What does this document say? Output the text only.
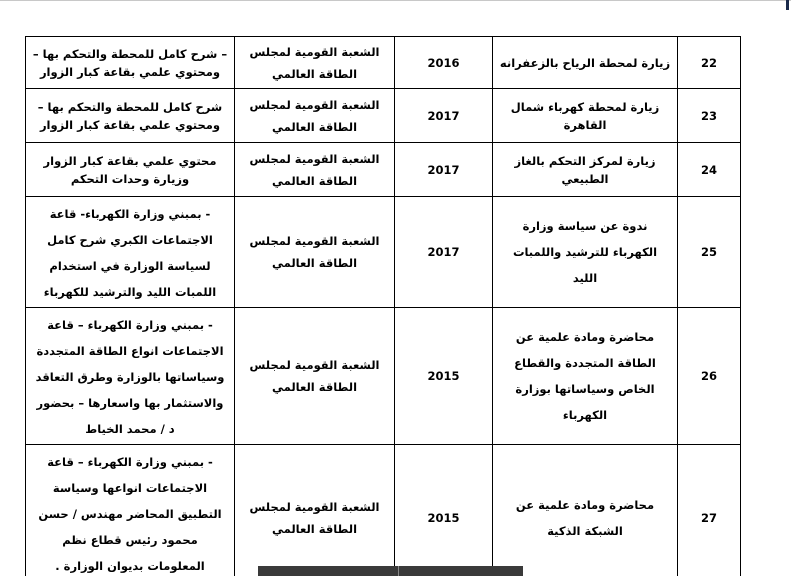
22	زيارة لمحطة الرياح بالزعفرانه	2016	الشعبة القومية لمجلس الطاقة العالمي	– شرح كامل للمحطة والتحكم بها – ومحتوي علمي بقاعة كبار الزوار
23	زيارة لمحطة كهرباء شمال القاهرة	2017	الشعبة القومية لمجلس الطاقة العالمي	شرح كامل للمحطة والتحكم بها – ومحتوي علمي بقاعة كبار الزوار
24	زيارة لمركز التحكم بالغاز الطبيعي	2017	الشعبة القومية لمجلس الطاقة العالمي	محتوي علمي بقاعة كبار الزوار وزيارة وحدات التحكم
25	ندوة عن سياسة وزارة الكهرباء للترشيد واللمبات الليد	2017	الشعبة القومية لمجلس الطاقة العالمي	- بمبني وزارة الكهرباء- قاعة الاجتماعات الكبري شرح كامل لسياسة الوزارة في استخدام اللمبات الليد والترشيد للكهرباء
26	محاضرة ومادة علمية عن الطاقة المتجددة والقطاع الخاص وسياساتها بوزارة الكهرباء	2015	الشعبة القومية لمجلس الطاقة العالمي	- بمبني وزارة الكهرباء – قاعة الاجتماعات انواع الطاقة المتجددة وسياساتها بالوزارة وطرق التعاقد والاستثمار بها واسعارها – بحضور د / محمد الخياط
27	محاضرة ومادة علمية عن الشبكة الذكية	2015	الشعبة القومية لمجلس الطاقة العالمي	- بمبني وزارة الكهرباء – قاعة الاجتماعات انواعها وسياسة التطبيق المحاضر مهندس / حسن محمود رئيس قطاع نظم المعلومات بديوان الوزارة .
